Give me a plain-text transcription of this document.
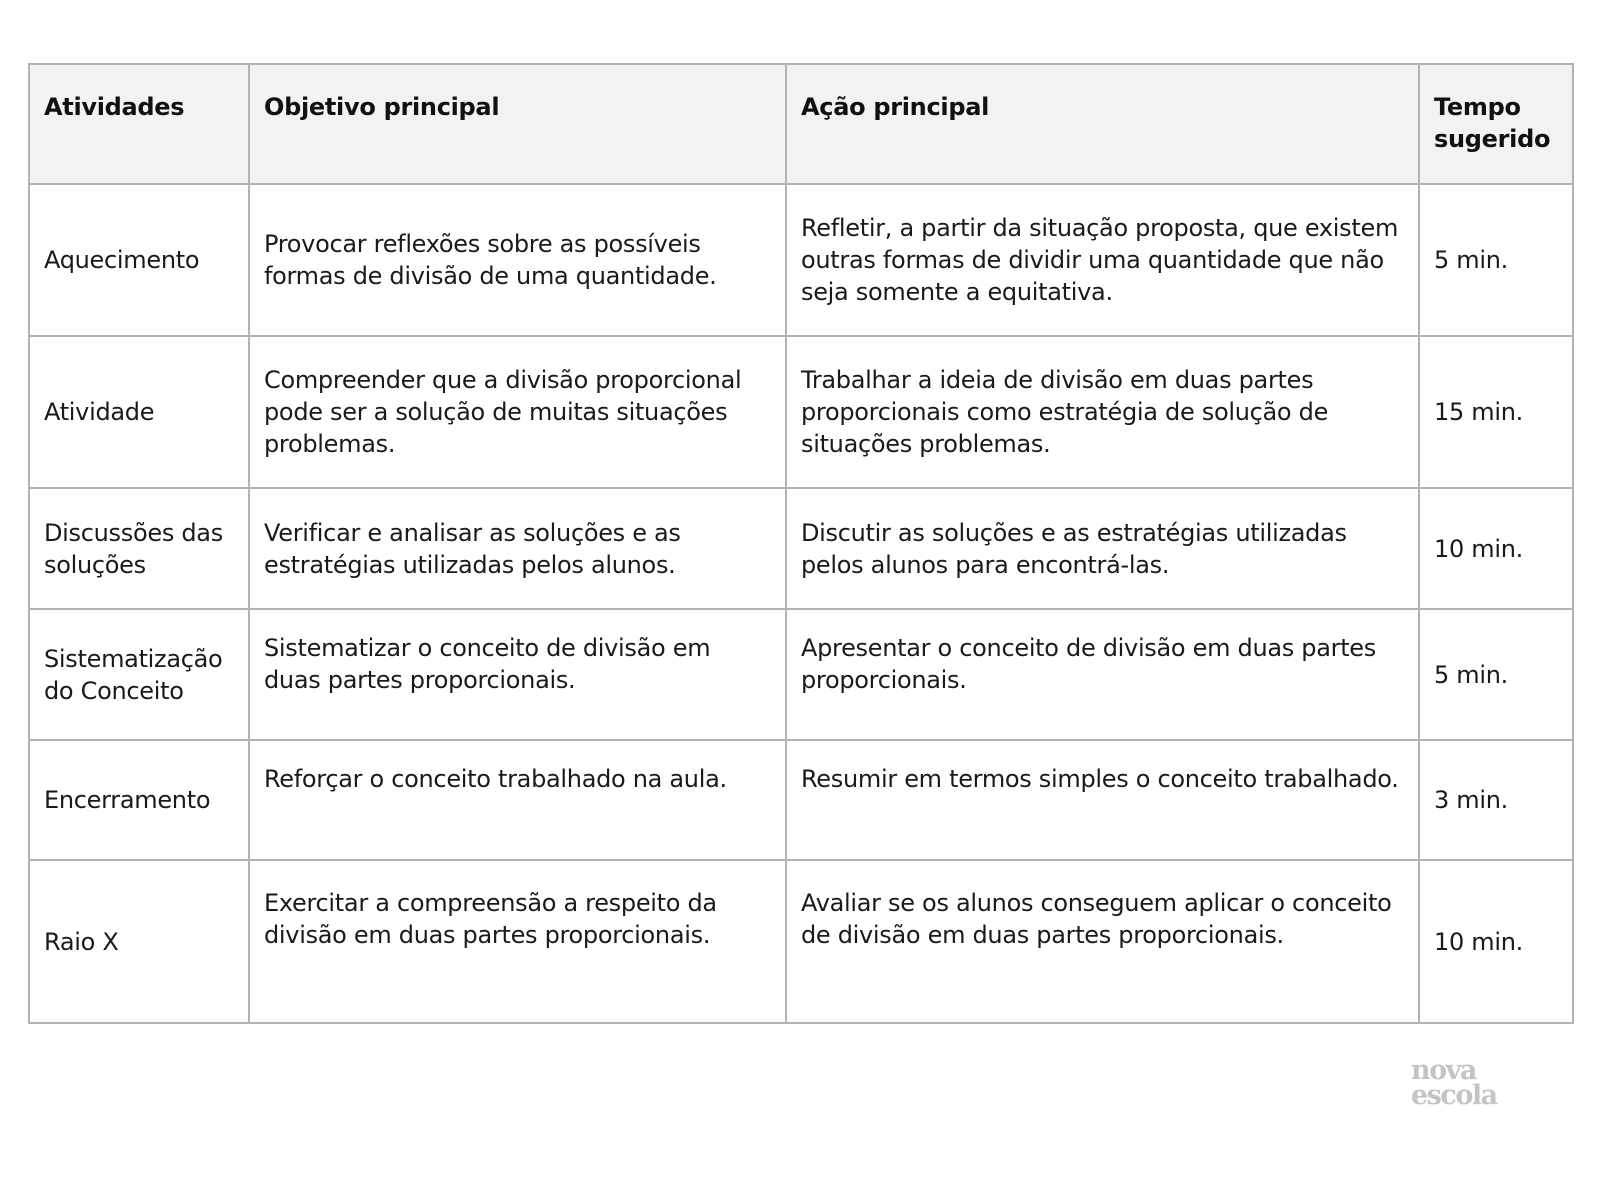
Atividades	Objetivo principal	Ação principal	Tempo sugerido
Aquecimento	Provocar reflexões sobre as possíveis formas de divisão de uma quantidade.	Refletir, a partir da situação proposta, que existem outras formas de dividir uma quantidade que não seja somente a equitativa.	5 min.
Atividade	Compreender que a divisão proporcional pode ser a solução de muitas situações problemas.	Trabalhar a ideia de divisão em duas partes proporcionais como estratégia de solução de situações problemas.	15 min.
Discussões das soluções	Verificar e analisar as soluções e as estratégias utilizadas pelos alunos.	Discutir as soluções e as estratégias utilizadas pelos alunos para encontrá-las.	10 min.
Sistematização do Conceito	Sistematizar o conceito de divisão em duas partes proporcionais.	Apresentar o conceito de divisão em duas partes proporcionais.	5 min.
Encerramento	Reforçar o conceito trabalhado na aula.	Resumir em termos simples o conceito trabalhado.	3 min.
Raio X	Exercitar a compreensão a respeito da divisão em duas partes proporcionais.	Avaliar se os alunos conseguem aplicar o conceito de divisão em duas partes proporcionais.	10 min.
nova
escola
